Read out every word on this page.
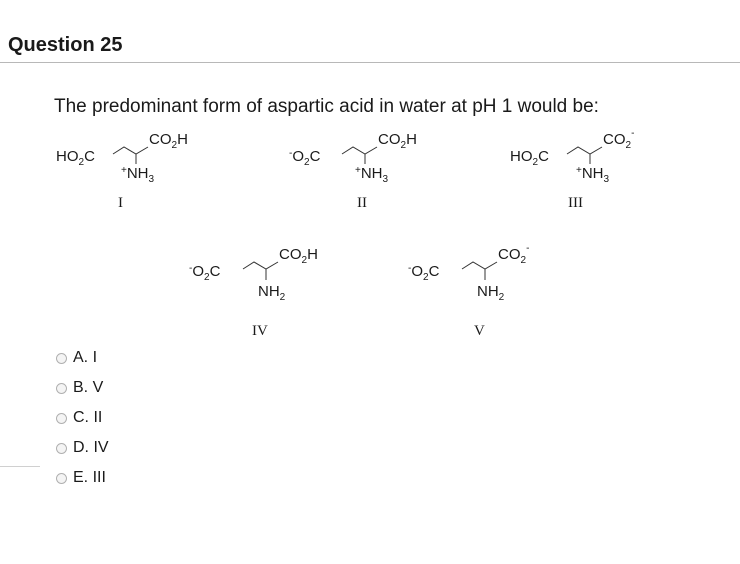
Question 25
The predominant form of aspartic acid in water at pH 1 would be:
$HO_2C$
$CO_2H$
$^+NH_3$
I
$^-O_2C$
$CO_2H$
$^+NH_3$
II
$HO_2C$
$CO_2^-$
$^+NH_3$
III
$^-O_2C$
$CO_2H$
$NH_2$
IV
$^-O_2C$
$CO_2^-$
$NH_2$
V
A. I
B. V
C. II
D. IV
E. III
